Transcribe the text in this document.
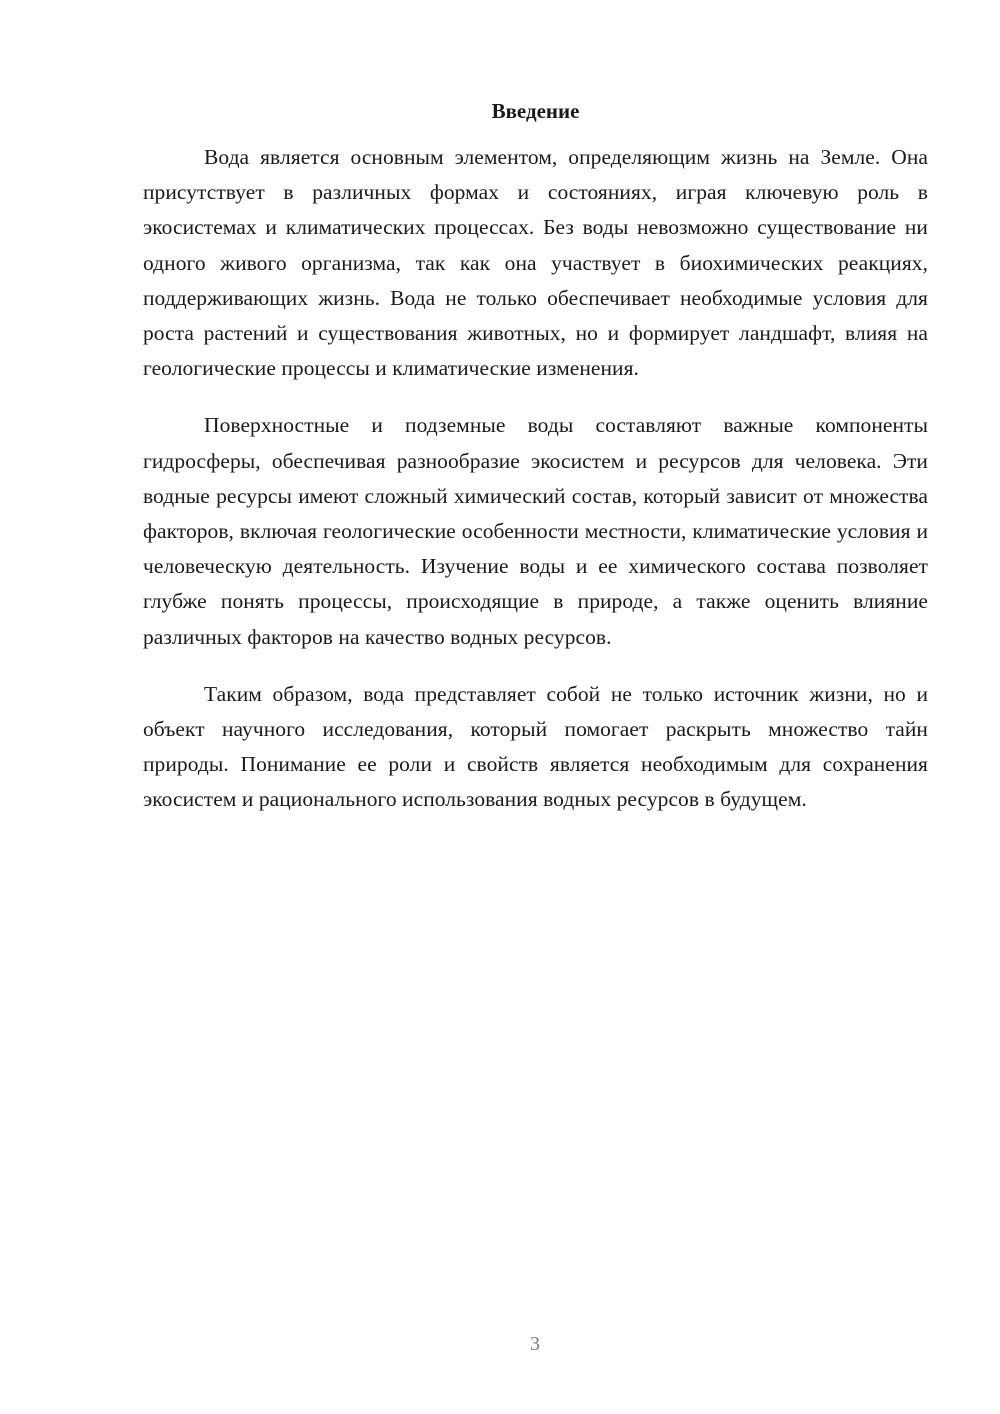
Введение

Вода является основным элементом, определяющим жизнь на Земле. Она присутствует в различных формах и состояниях, играя ключевую роль в экосистемах и климатических процессах. Без воды невозможно существование ни одного живого организма, так как она участвует в биохимических реакциях, поддерживающих жизнь. Вода не только обеспечивает необходимые условия для роста растений и существования животных, но и формирует ландшафт, влияя на геологические процессы и климатические изменения.

Поверхностные и подземные воды составляют важные компоненты гидросферы, обеспечивая разнообразие экосистем и ресурсов для человека. Эти водные ресурсы имеют сложный химический состав, который зависит от множества факторов, включая геологические особенности местности, климатические условия и человеческую деятельность. Изучение воды и ее химического состава позволяет глубже понять процессы, происходящие в природе, а также оценить влияние различных факторов на качество водных ресурсов.

Таким образом, вода представляет собой не только источник жизни, но и объект научного исследования, который помогает раскрыть множество тайн природы. Понимание ее роли и свойств является необходимым для сохранения экосистем и рационального использования водных ресурсов в будущем.

3
